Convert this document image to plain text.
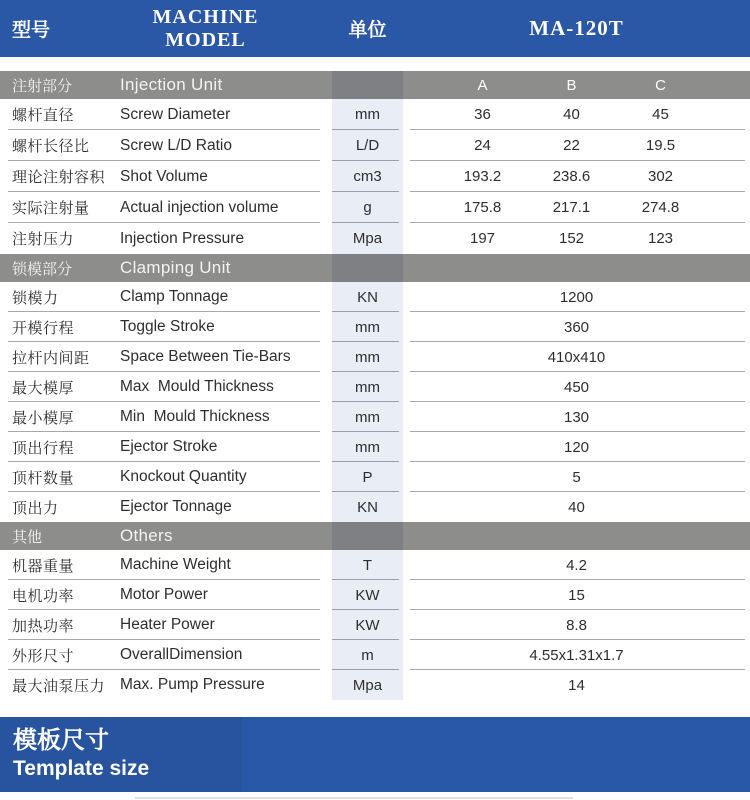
型号
MACHINE MODEL	单位	MA-120T
注射部分	Injection Unit	A	B	C
螺杆直径	Screw Diameter	mm	36	40	45
螺杆长径比	Screw L/D Ratio	L/D	24	22	19.5
理论注射容积 Shot Volume	cm3	193.2	238.6	302
实际注射量	Actual injection volume	g	175.8	217.1	274.8
注射压力	Injection Pressure	Mpa	197	152	123
锁模部分	Clamping Unit
锁模力	Clamp Tonnage	KN	1200
开模行程	Toggle Stroke	mm	360
拉杆内间距	Space Between Tie-Bars	mm	410x410
最大模厚	Max  Mould Thickness	mm	450
最小模厚	Min  Mould Thickness	mm	130
顶出行程	Ejector Stroke	mm	120
顶杆数量	Knockout Quantity	P	5
顶出力	Ejector Tonnage	KN	40
其他	Others
机器重量	Machine Weight	T	4.2
电机功率	Motor Power	KW	15
加热功率	Heater Power	KW	8.8
外形尺寸	OverallDimension	m	4.55x1.31x1.7
最大油泵压力 Max. Pump Pressure	Mpa	14
模板尺寸
Template size
